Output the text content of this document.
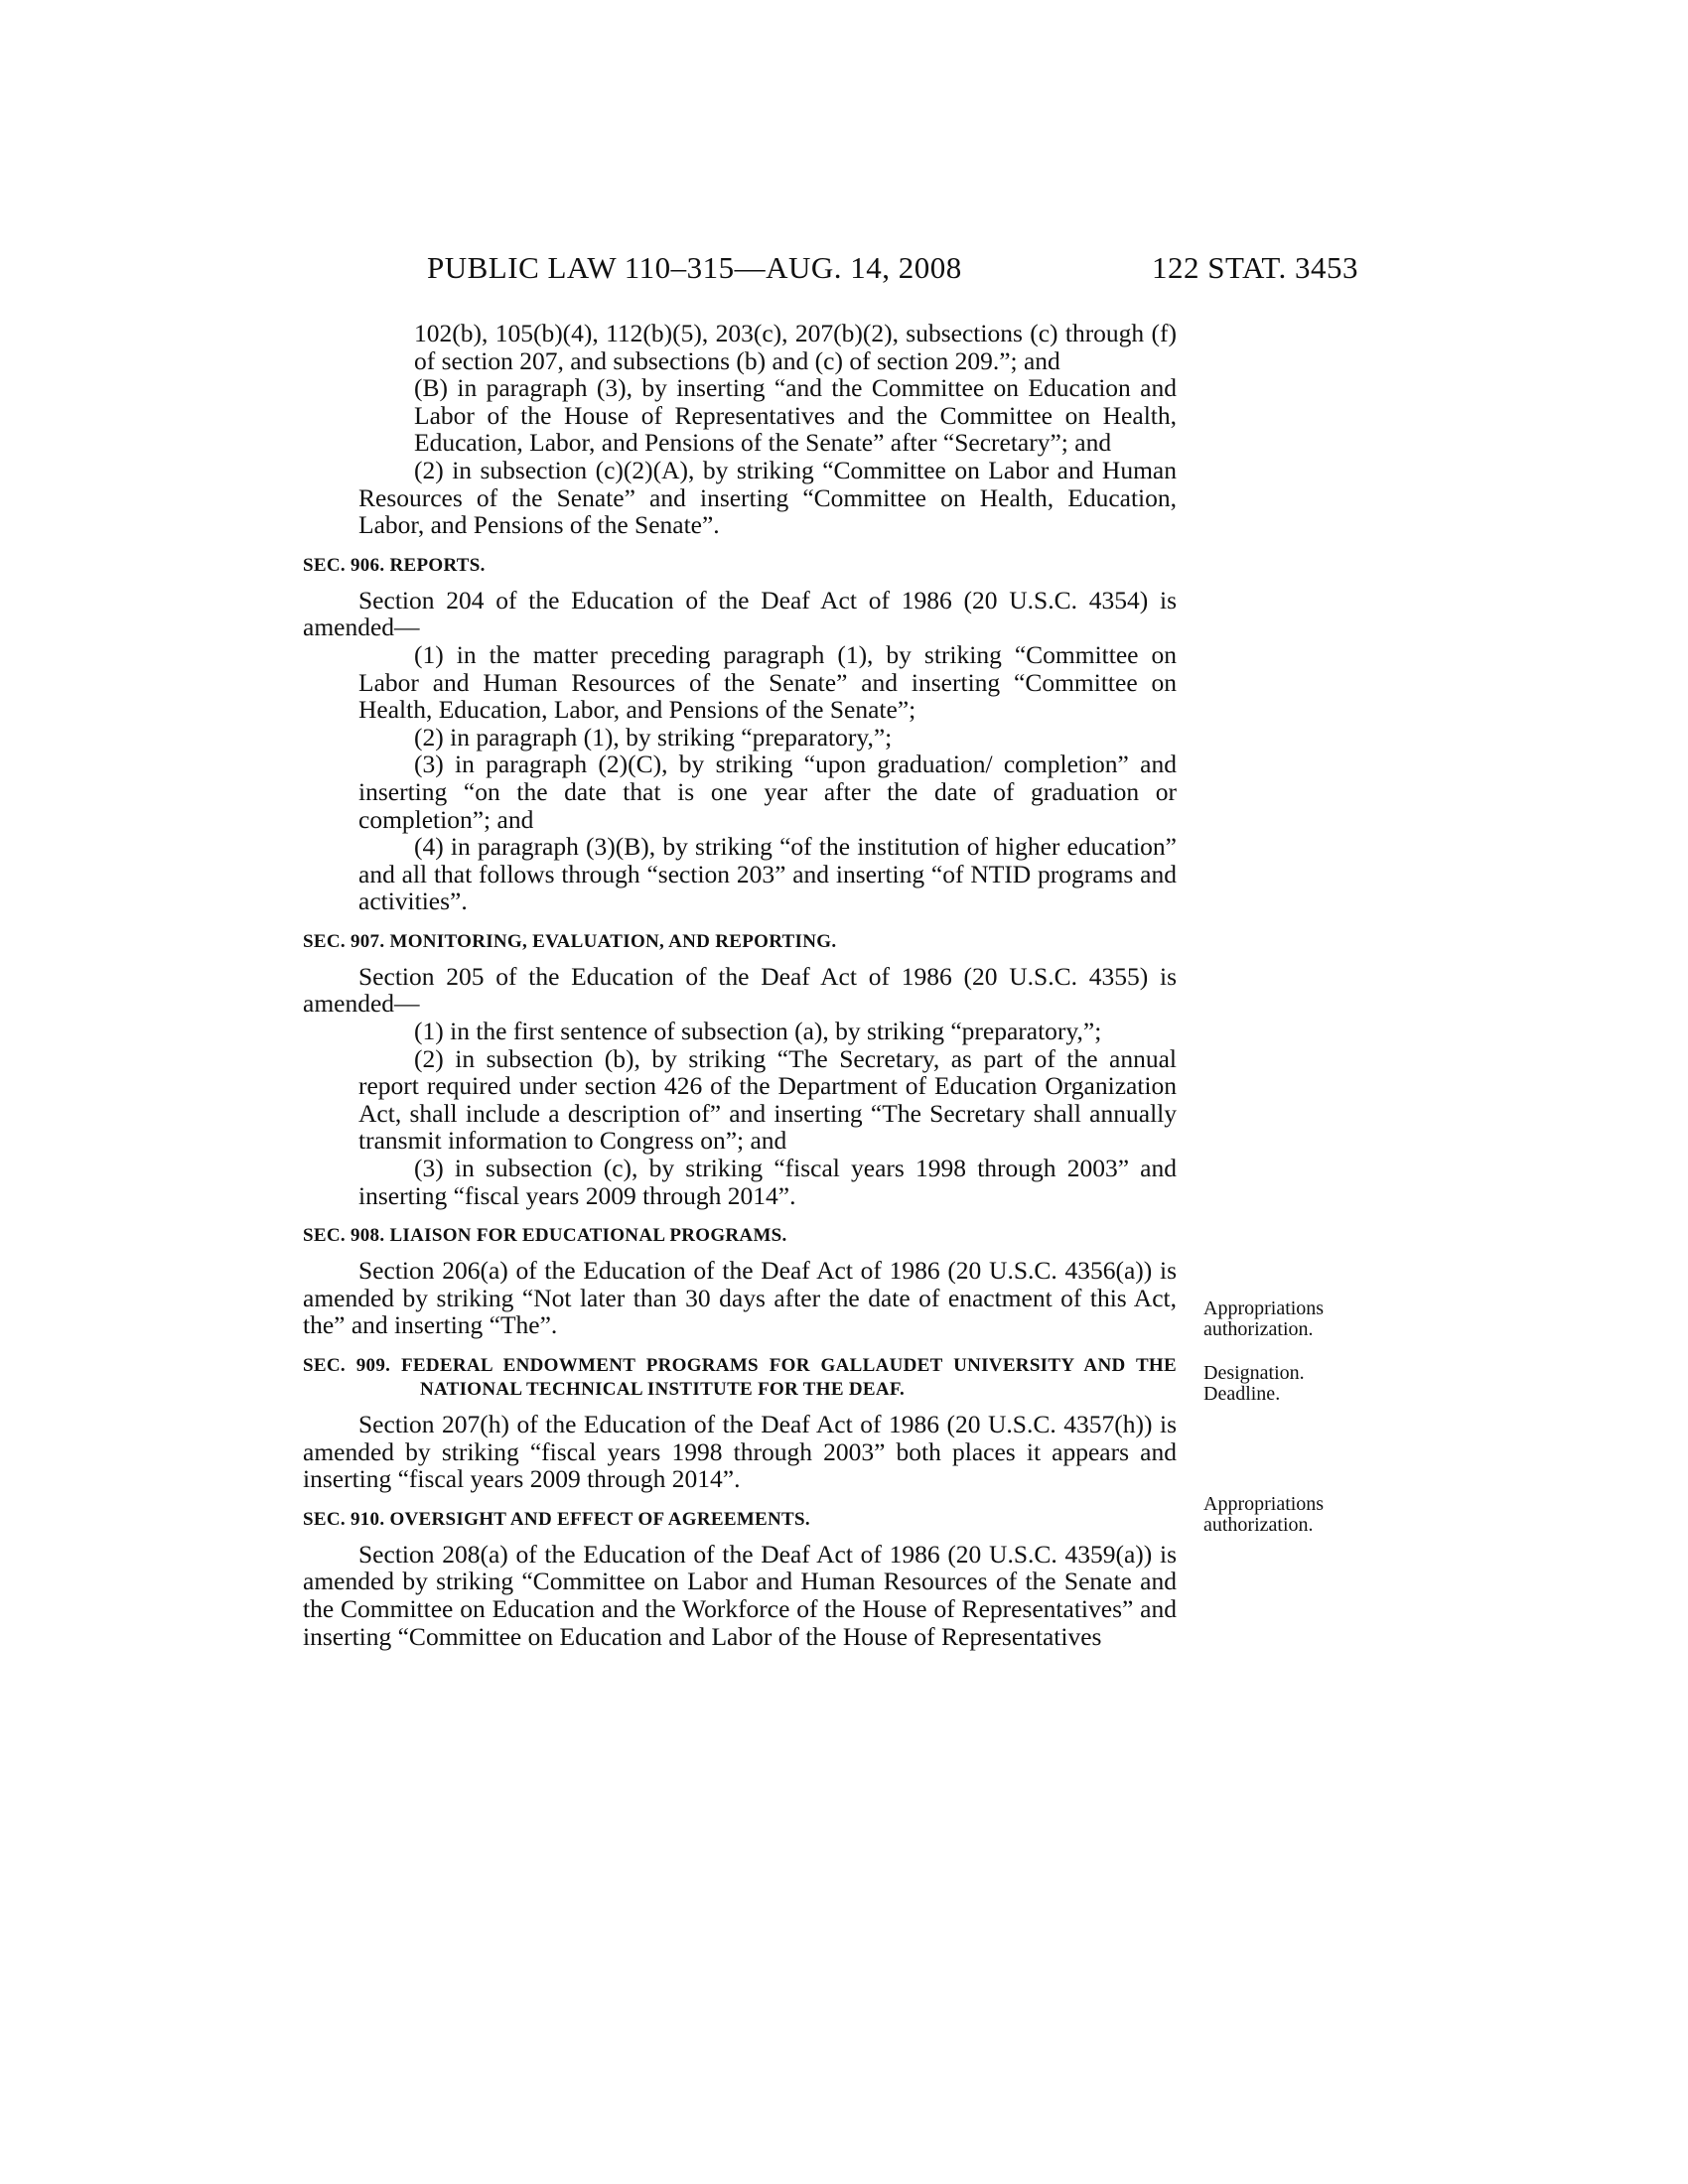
PUBLIC LAW 110–315—AUG. 14, 2008	122 STAT. 3453

102(b), 105(b)(4), 112(b)(5), 203(c), 207(b)(2), subsections (c) through (f) of section 207, and subsections (b) and (c) of section 209.”; and

(B) in paragraph (3), by inserting “and the Committee on Education and Labor of the House of Representatives and the Committee on Health, Education, Labor, and Pensions of the Senate” after “Secretary”; and

(2) in subsection (c)(2)(A), by striking “Committee on Labor and Human Resources of the Senate” and inserting “Committee on Health, Education, Labor, and Pensions of the Senate”.

SEC. 906. REPORTS.

Section 204 of the Education of the Deaf Act of 1986 (20 U.S.C. 4354) is amended—

(1) in the matter preceding paragraph (1), by striking “Committee on Labor and Human Resources of the Senate” and inserting “Committee on Health, Education, Labor, and Pensions of the Senate”;

(2) in paragraph (1), by striking “preparatory,”;

(3) in paragraph (2)(C), by striking “upon graduation/ completion” and inserting “on the date that is one year after the date of graduation or completion”; and

(4) in paragraph (3)(B), by striking “of the institution of higher education” and all that follows through “section 203” and inserting “of NTID programs and activities”.

SEC. 907. MONITORING, EVALUATION, AND REPORTING.

Section 205 of the Education of the Deaf Act of 1986 (20 U.S.C. 4355) is amended—

(1) in the first sentence of subsection (a), by striking “preparatory,”;

(2) in subsection (b), by striking “The Secretary, as part of the annual report required under section 426 of the Department of Education Organization Act, shall include a description of” and inserting “The Secretary shall annually transmit information to Congress on”; and

(3) in subsection (c), by striking “fiscal years 1998 through 2003” and inserting “fiscal years 2009 through 2014”.

SEC. 908. LIAISON FOR EDUCATIONAL PROGRAMS.

Section 206(a) of the Education of the Deaf Act of 1986 (20 U.S.C. 4356(a)) is amended by striking “Not later than 30 days after the date of enactment of this Act, the” and inserting “The”.

SEC. 909. FEDERAL ENDOWMENT PROGRAMS FOR GALLAUDET UNIVERSITY AND THE NATIONAL TECHNICAL INSTITUTE FOR THE DEAF.

Section 207(h) of the Education of the Deaf Act of 1986 (20 U.S.C. 4357(h)) is amended by striking “fiscal years 1998 through 2003” both places it appears and inserting “fiscal years 2009 through 2014”.

SEC. 910. OVERSIGHT AND EFFECT OF AGREEMENTS.

Section 208(a) of the Education of the Deaf Act of 1986 (20 U.S.C. 4359(a)) is amended by striking “Committee on Labor and Human Resources of the Senate and the Committee on Education and the Workforce of the House of Representatives” and inserting “Committee on Education and Labor of the House of Representatives

Appropriations
authorization.
Designation.
Deadline.
Appropriations
authorization.
